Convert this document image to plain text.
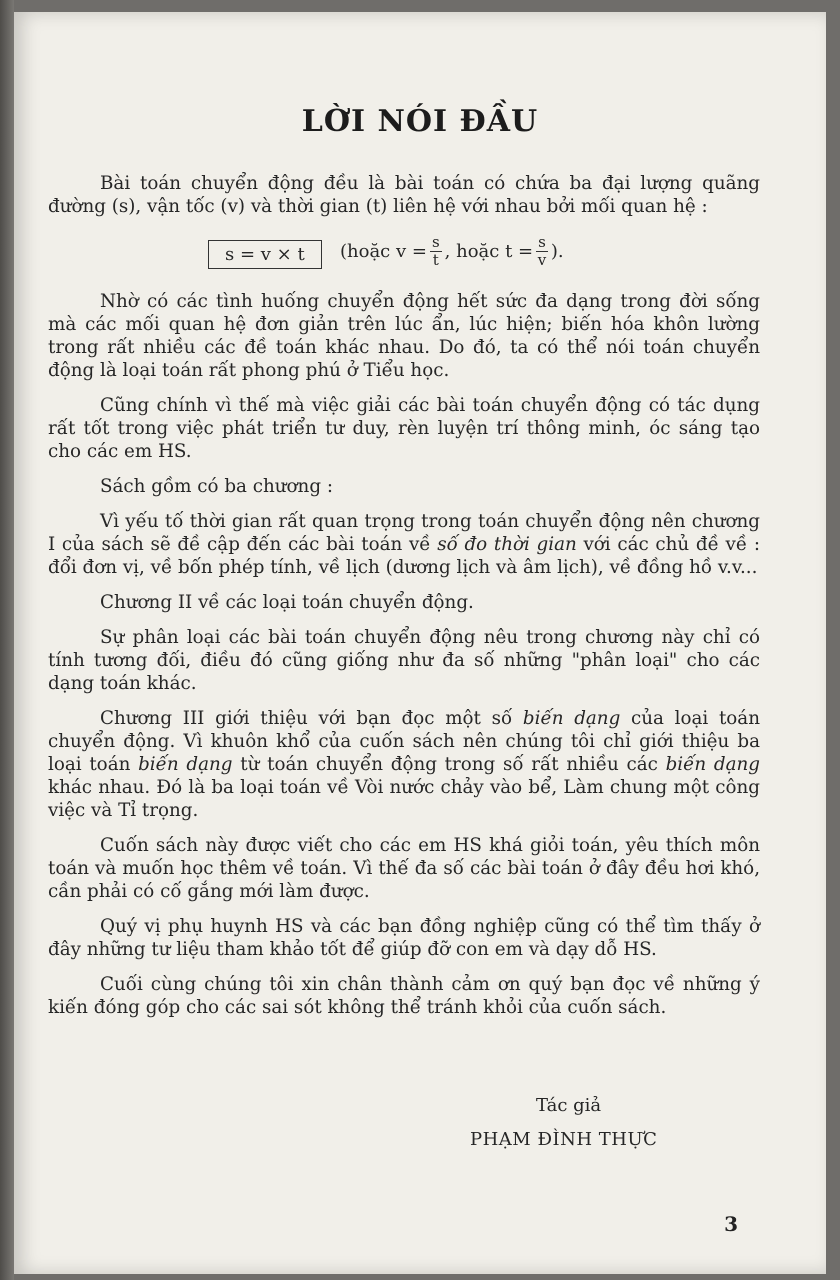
LỜI NÓI ĐẦU

Bài toán chuyển động đều là bài toán có chứa ba đại lượng quãng đường (s), vận tốc (v) và thời gian (t) liên hệ với nhau bởi mối quan hệ :

s = v × t	(hoặc $v = \frac{s}{t}$ , hoặc $t = \frac{s}{v}$ ).

Nhờ có các tình huống chuyển động hết sức đa dạng trong đời sống mà các mối quan hệ đơn giản trên lúc ẩn, lúc hiện; biến hóa khôn lường trong rất nhiều các đề toán khác nhau. Do đó, ta có thể nói toán chuyển động là loại toán rất phong phú ở Tiểu học.

Cũng chính vì thế mà việc giải các bài toán chuyển động có tác dụng rất tốt trong việc phát triển tư duy, rèn luyện trí thông minh, óc sáng tạo cho các em HS.

Sách gồm có ba chương :

Vì yếu tố thời gian rất quan trọng trong toán chuyển động nên chương I của sách sẽ đề cập đến các bài toán về số đo thời gian với các chủ đề về : đổi đơn vị, về bốn phép tính, về lịch (dương lịch và âm lịch), về đồng hồ v.v...

Chương II về các loại toán chuyển động.

Sự phân loại các bài toán chuyển động nêu trong chương này chỉ có tính tương đối, điều đó cũng giống như đa số những "phân loại" cho các dạng toán khác.

Chương III giới thiệu với bạn đọc một số biến dạng của loại toán chuyển động. Vì khuôn khổ của cuốn sách nên chúng tôi chỉ giới thiệu ba loại toán biến dạng từ toán chuyển động trong số rất nhiều các biến dạng khác nhau. Đó là ba loại toán về Vòi nước chảy vào bể, Làm chung một công việc và Tỉ trọng.

Cuốn sách này được viết cho các em HS khá giỏi toán, yêu thích môn toán và muốn học thêm về toán. Vì thế đa số các bài toán ở đây đều hơi khó, cần phải có cố gắng mới làm được.

Quý vị phụ huynh HS và các bạn đồng nghiệp cũng có thể tìm thấy ở đây những tư liệu tham khảo tốt để giúp đỡ con em và dạy dỗ HS.

Cuối cùng chúng tôi xin chân thành cảm ơn quý bạn đọc về những ý kiến đóng góp cho các sai sót không thể tránh khỏi của cuốn sách.

Tác giả
PHẠM ĐÌNH THỰC
3
